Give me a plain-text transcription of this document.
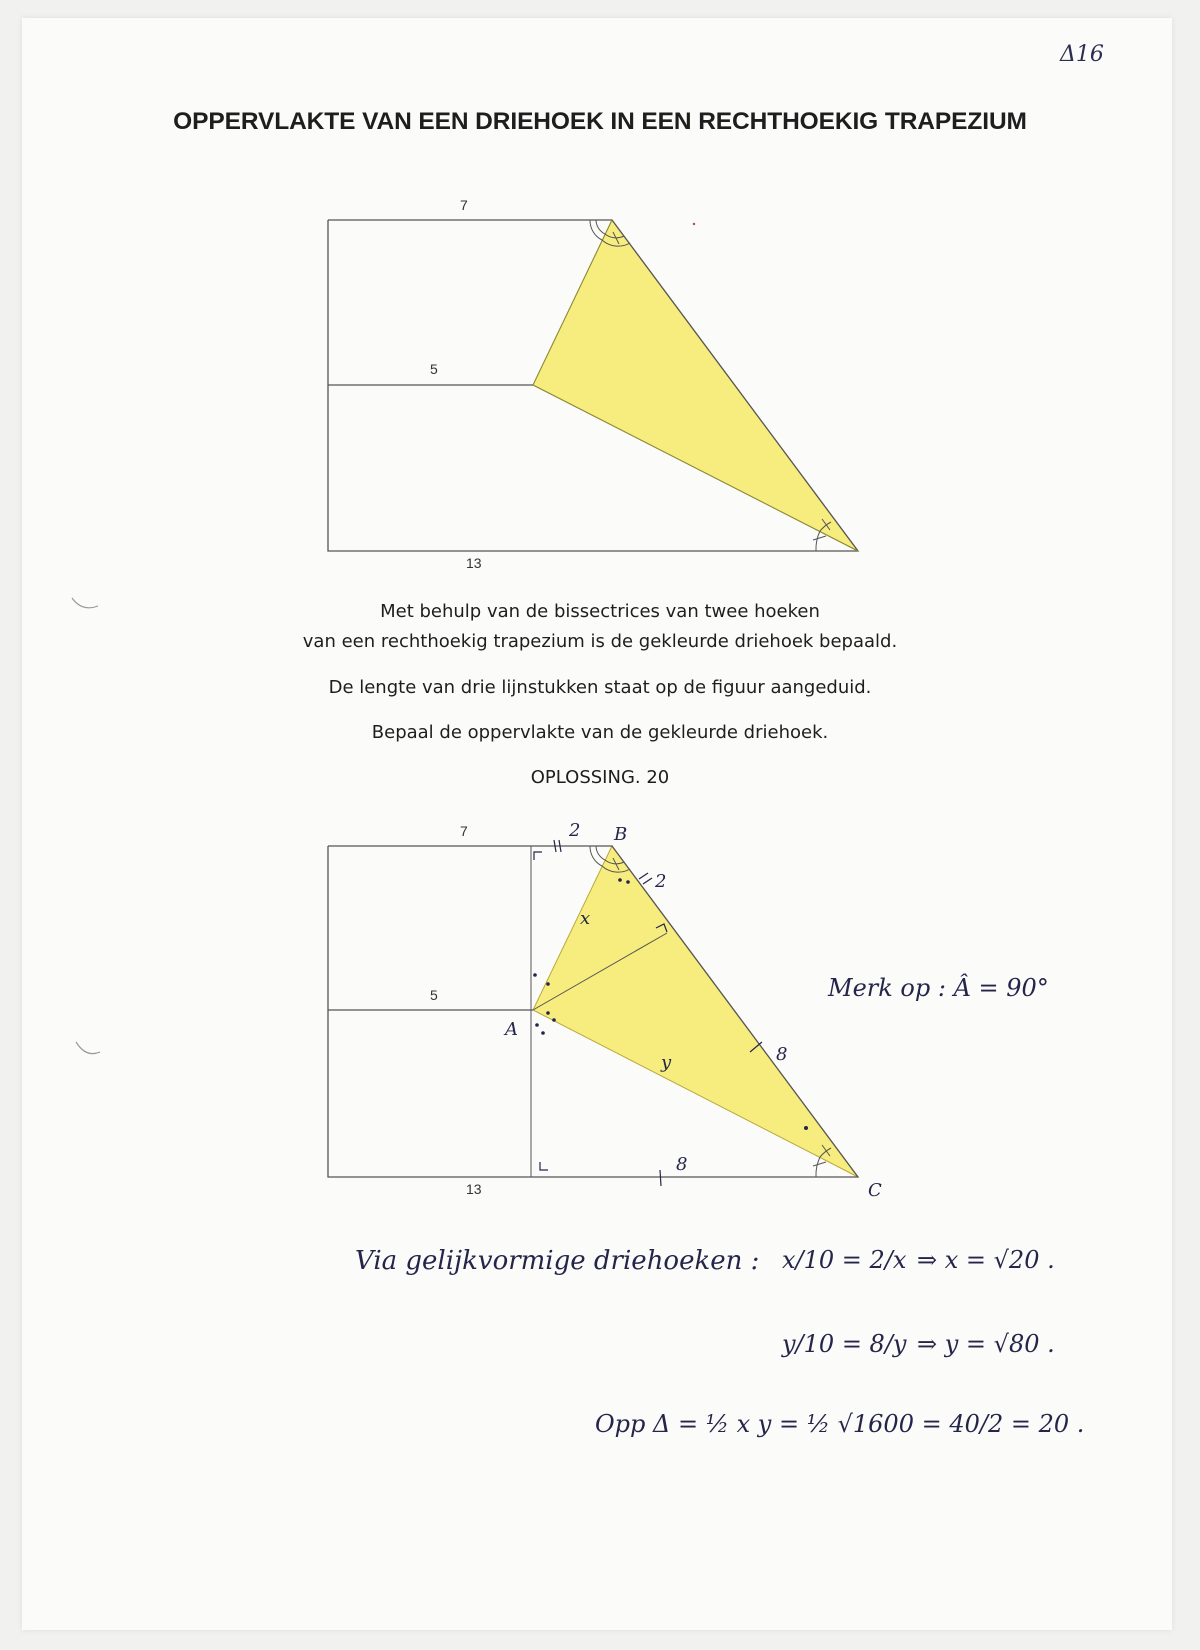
Δ16
OPPERVLAKTE VAN EEN DRIEHOEK IN EEN RECHTHOEKIG TRAPEZIUM
7
5
13
Met behulp van de bissectrices van twee hoeken
van een rechthoekig trapezium is de gekleurde driehoek bepaald.
De lengte van drie lijnstukken staat op de figuur aangeduid.
Bepaal de oppervlakte van de gekleurde driehoek.
OPLOSSING. 20
7
5
13
2 B
2
x
A
y	8
8
C
Merk op : Â = 90°
Via gelijkvormige driehoeken : x/10 = 2/x ⇒ x = √20 .
y/10 = 8/y ⇒ y = √80 .
Opp Δ = ½ x y = ½ √1600 = 40/2 = 20 .
